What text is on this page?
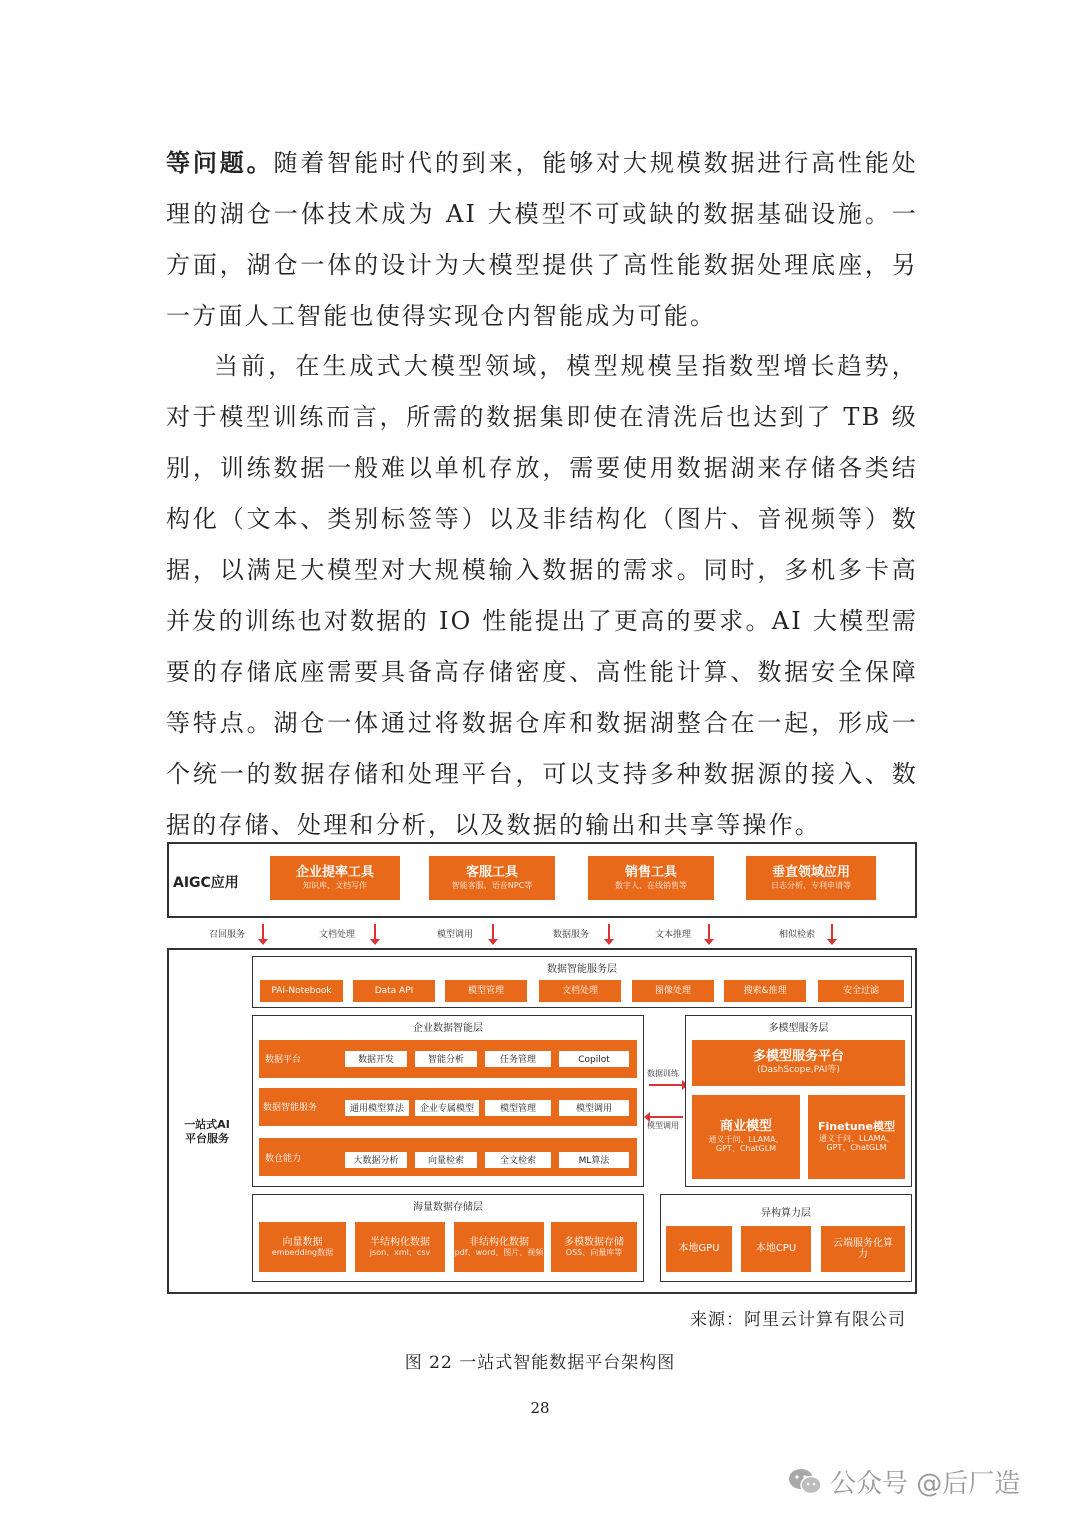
等问题。随着智能时代的到来，能够对大规模数据进行高性能处理的湖仓一体技术成为 AI 大模型不可或缺的数据基础设施。一方面，湖仓一体的设计为大模型提供了高性能数据处理底座，另一方面人工智能也使得实现仓内智能成为可能。

当前，在生成式大模型领域，模型规模呈指数型增长趋势，对于模型训练而言，所需的数据集即使在清洗后也达到了 TB 级别，训练数据一般难以单机存放，需要使用数据湖来存储各类结构化（文本、类别标签等）以及非结构化（图片、音视频等）数据，以满足大模型对大规模输入数据的需求。同时，多机多卡高并发的训练也对数据的 IO 性能提出了更高的要求。AI 大模型需要的存储底座需要具备高存储密度、高性能计算、数据安全保障等特点。湖仓一体通过将数据仓库和数据湖整合在一起，形成一个统一的数据存储和处理平台，可以支持多种数据源的接入、数据的存储、处理和分析，以及数据的输出和共享等操作。

AIGC应用
企业提率工具
知识库、文档写作
客服工具
智能客服、语音NPC等
销售工具
数字人、在线销售等
垂直领域应用
日志分析、专利申请等
召回服务	文档处理	模型调用	数据服务	文本推理	相似检索
一站式AI
平台服务
数据智能服务层
PAI-Notebook	Data API	模型管理	文档处理	图像处理	搜索&推理	安全过滤
企业数据智能层
数据平台	数据开发	智能分析	任务管理	Copilot
数据智能服务	通用模型算法	企业专属模型	模型管理	模型调用
数仓能力	大数据分析	向量检索	全文检索	ML算法
数据训练
模型调用
多模型服务层
多模型服务平台
(DashScope,PAI等)
商业模型
通义千问、LLAMA、GPT、ChatGLM
Finetune模型
通义千问、LLAMA、GPT、ChatGLM
海量数据存储层
向量数据
embedding数据
半结构化数据
json、xml、csv
非结构化数据
pdf、word、图片、视频
多模数据存储
OSS、向量库等
异构算力层
本地GPU	本地CPU
云端服务化算力
来源：阿里云计算有限公司
图 22 一站式智能数据平台架构图
28
公众号 @后厂造
